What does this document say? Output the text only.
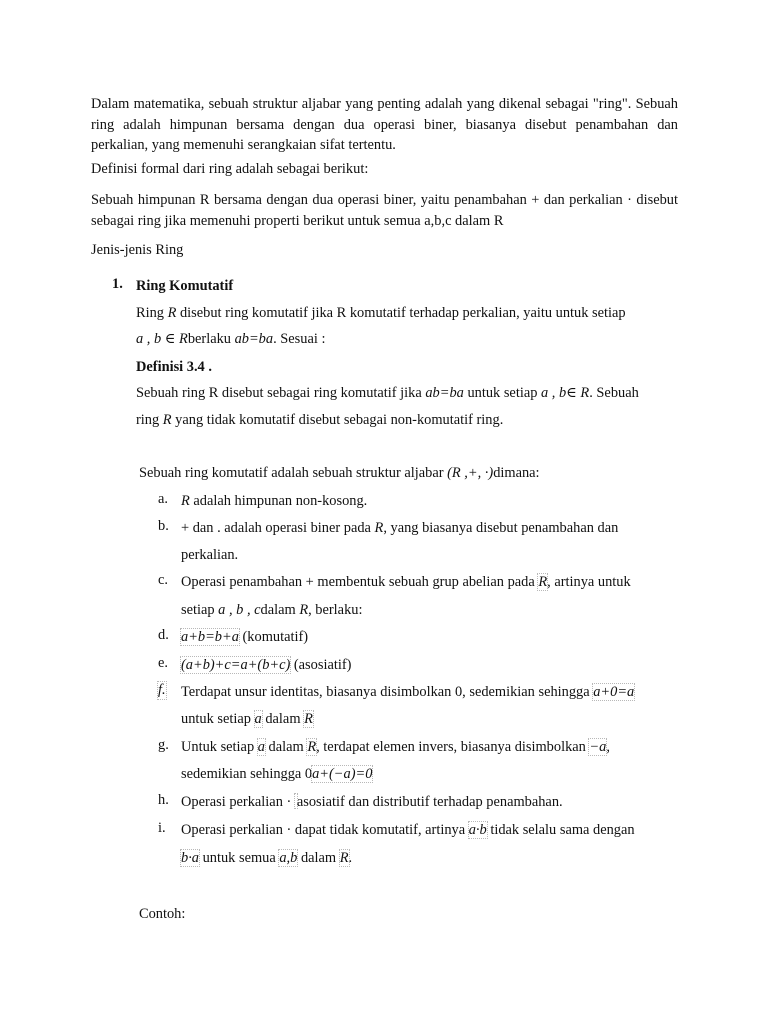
Dalam matematika, sebuah struktur aljabar yang penting adalah yang dikenal sebagai "ring". Sebuah ring adalah himpunan bersama dengan dua operasi biner, biasanya disebut penambahan dan perkalian, yang memenuhi serangkaian sifat tertentu.

Definisi formal dari ring adalah sebagai berikut:

Sebuah himpunan R bersama dengan dua operasi biner, yaitu penambahan + dan perkalian · disebut sebagai ring jika memenuhi properti berikut untuk semua a,b,c dalam R

Jenis-jenis Ring

1. Ring Komutatif

Ring R disebut ring komutatif jika R komutatif terhadap perkalian, yaitu untuk setiap

a , b ∈ Rberlaku ab=ba. Sesuai :

Definisi 3.4 .

Sebuah ring R disebut sebagai ring komutatif jika ab=ba untuk setiap a , b∈ R. Sebuah

ring R yang tidak komutatif disebut sebagai non-komutatif ring.

Sebuah ring komutatif adalah sebuah struktur aljabar (R ,+, ·)dimana:

a. R adalah himpunan non-kosong.

b. + dan . adalah operasi biner pada R, yang biasanya disebut penambahan dan

perkalian.

c. Operasi penambahan + membentuk sebuah grup abelian pada R, artinya untuk

setiap a , b , cdalam R, berlaku:

d. a+b=b+a (komutatif)

e. (a+b)+c=a+(b+c) (asosiatif)

f. Terdapat unsur identitas, biasanya disimbolkan 0, sedemikian sehingga a+0=a

untuk setiap a dalam R

g. Untuk setiap a dalam R, terdapat elemen invers, biasanya disimbolkan −a,

sedemikian sehingga 0a+(−a)=0

h. Operasi perkalian · asosiatif dan distributif terhadap penambahan.

i. Operasi perkalian · dapat tidak komutatif, artinya a·b tidak selalu sama dengan

b·a untuk semua a,b dalam R.

Contoh:
